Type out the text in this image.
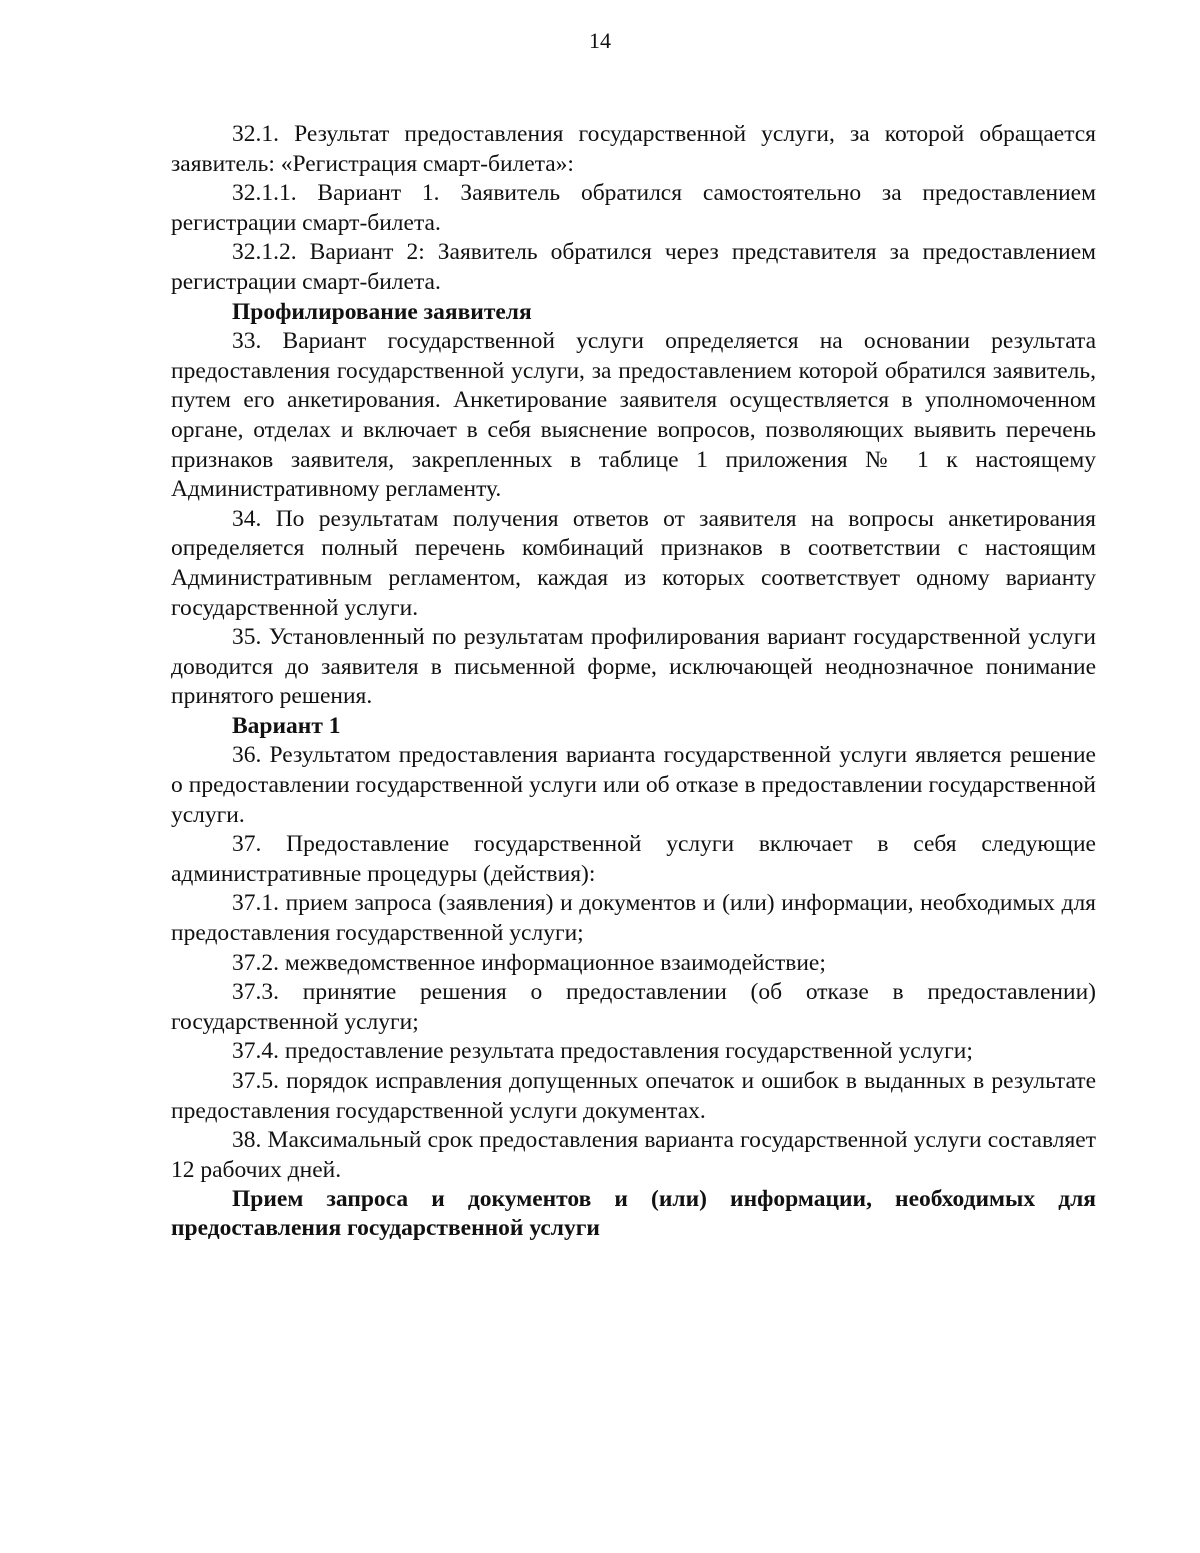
14

32.1. Результат предоставления государственной услуги, за которой обращается заявитель: «Регистрация смарт-билета»:

32.1.1. Вариант 1. Заявитель обратился самостоятельно за предоставлением регистрации смарт-билета.

32.1.2. Вариант 2: Заявитель обратился через представителя за предоставлением регистрации смарт-билета.

Профилирование заявителя

33. Вариант государственной услуги определяется на основании результата предоставления государственной услуги, за предоставлением которой обратился заявитель, путем его анкетирования. Анкетирование заявителя осуществляется в уполномоченном органе, отделах и включает в себя выяснение вопросов, позволяющих выявить перечень признаков заявителя, закрепленных в таблице 1 приложения № 1 к настоящему Административному регламенту.

34. По результатам получения ответов от заявителя на вопросы анкетирования определяется полный перечень комбинаций признаков в соответствии с настоящим Административным регламентом, каждая из которых соответствует одному варианту государственной услуги.

35. Установленный по результатам профилирования вариант государственной услуги доводится до заявителя в письменной форме, исключающей неоднозначное понимание принятого решения.

Вариант 1

36. Результатом предоставления варианта государственной услуги является решение о предоставлении государственной услуги или об отказе в предоставлении государственной услуги.

37. Предоставление государственной услуги включает в себя следующие административные процедуры (действия):

37.1. прием запроса (заявления) и документов и (или) информации, необходимых для предоставления государственной услуги;

37.2. межведомственное информационное взаимодействие;

37.3. принятие решения о предоставлении (об отказе в предоставлении) государственной услуги;

37.4. предоставление результата предоставления государственной услуги;

37.5. порядок исправления допущенных опечаток и ошибок в выданных в результате предоставления государственной услуги документах.

38. Максимальный срок предоставления варианта государственной услуги составляет 12 рабочих дней.

Прием запроса и документов и (или) информации, необходимых для предоставления государственной услуги
